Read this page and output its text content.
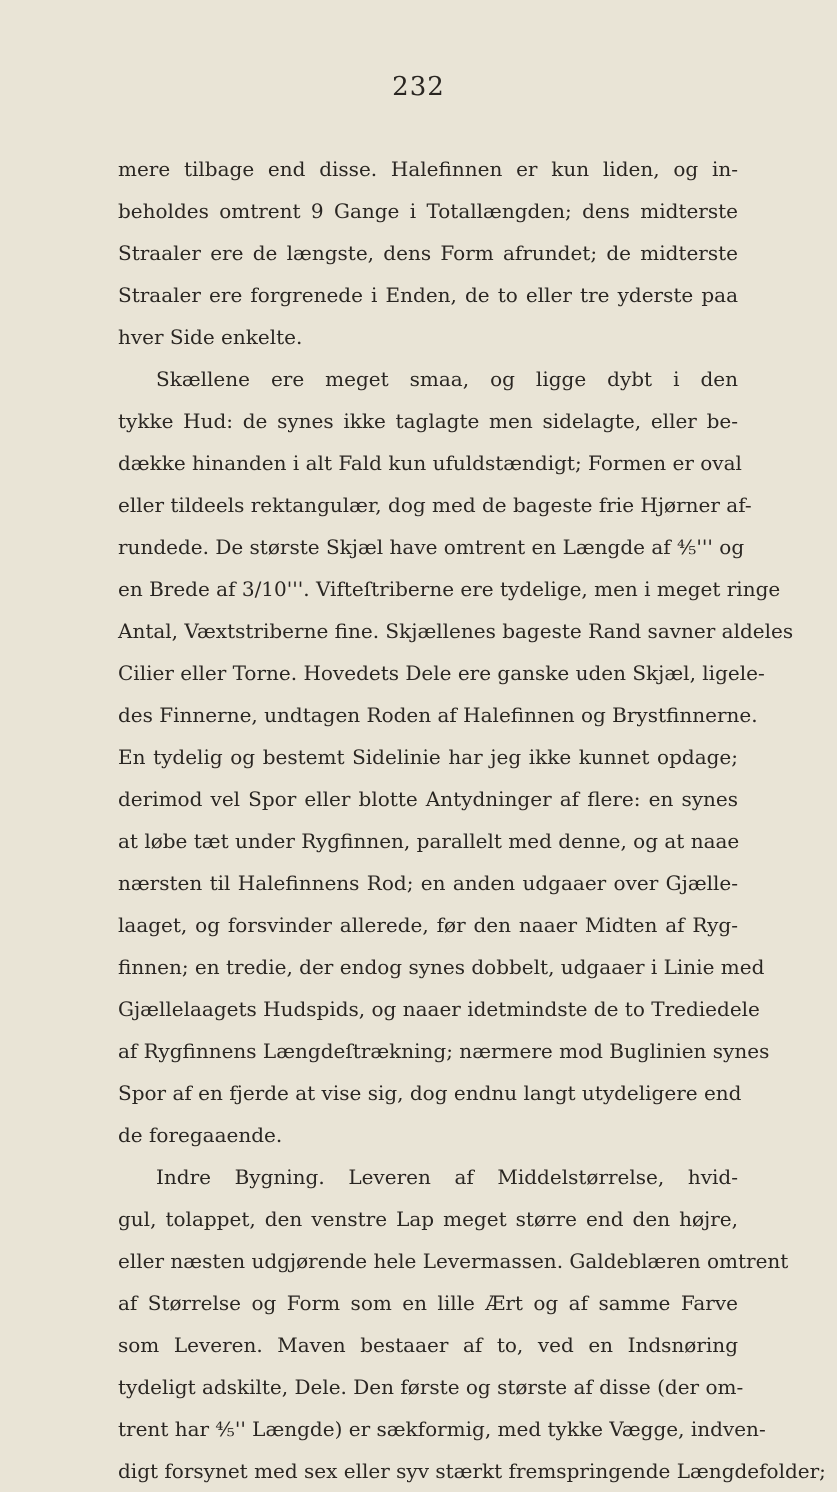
232
mere tilbage end disse. Halefinnen er kun liden, og in-
beholdes omtrent 9 Gange i Totallængden; dens midterste
Straaler ere de længste, dens Form afrundet; de midterste
Straaler ere forgrenede i Enden, de to eller tre yderste paa
hver Side enkelte.
Skællene ere meget smaa, og ligge dybt i den
tykke Hud: de synes ikke taglagte men sidelagte, eller be-
dække hinanden i alt Fald kun ufuldstændigt; Formen er oval
eller tildeels rektangulær, dog med de bageste frie Hjørner af-
rundede. De største Skjæl have omtrent en Længde af ⅘''' og
en Brede af 3/10'''. Vifteſtriberne ere tydelige, men i meget ringe
Antal, Væxtstriberne fine. Skjællenes bageste Rand savner aldeles
Cilier eller Torne. Hovedets Dele ere ganske uden Skjæl, ligele-
des Finnerne, undtagen Roden af Halefinnen og Brystfinnerne.
En tydelig og bestemt Sidelinie har jeg ikke kunnet opdage;
derimod vel Spor eller blotte Antydninger af flere: en synes
at løbe tæt under Rygfinnen, parallelt med denne, og at naae
nærsten til Halefinnens Rod; en anden udgaaer over Gjælle-
laaget, og forsvinder allerede, før den naaer Midten af Ryg-
finnen; en tredie, der endog synes dobbelt, udgaaer i Linie med
Gjællelaagets Hudspids, og naaer idetmindste de to Trediedele
af Rygfinnens Længdeſtrækning; nærmere mod Buglinien synes
Spor af en fjerde at vise sig, dog endnu langt utydeligere end
de foregaaende.
Indre Bygning. Leveren af Middelstørrelse, hvid-
gul, tolappet, den venstre Lap meget større end den højre,
eller næsten udgjørende hele Levermassen. Galdeblæren omtrent
af Størrelse og Form som en lille Ært og af samme Farve
som Leveren. Maven bestaaer af to, ved en Indsnøring
tydeligt adskilte, Dele. Den første og største af disse (der om-
trent har ⅘'' Længde) er sækformig, med tykke Vægge, indven-
digt forsynet med sex eller syv stærkt fremspringende Længdefolder;
